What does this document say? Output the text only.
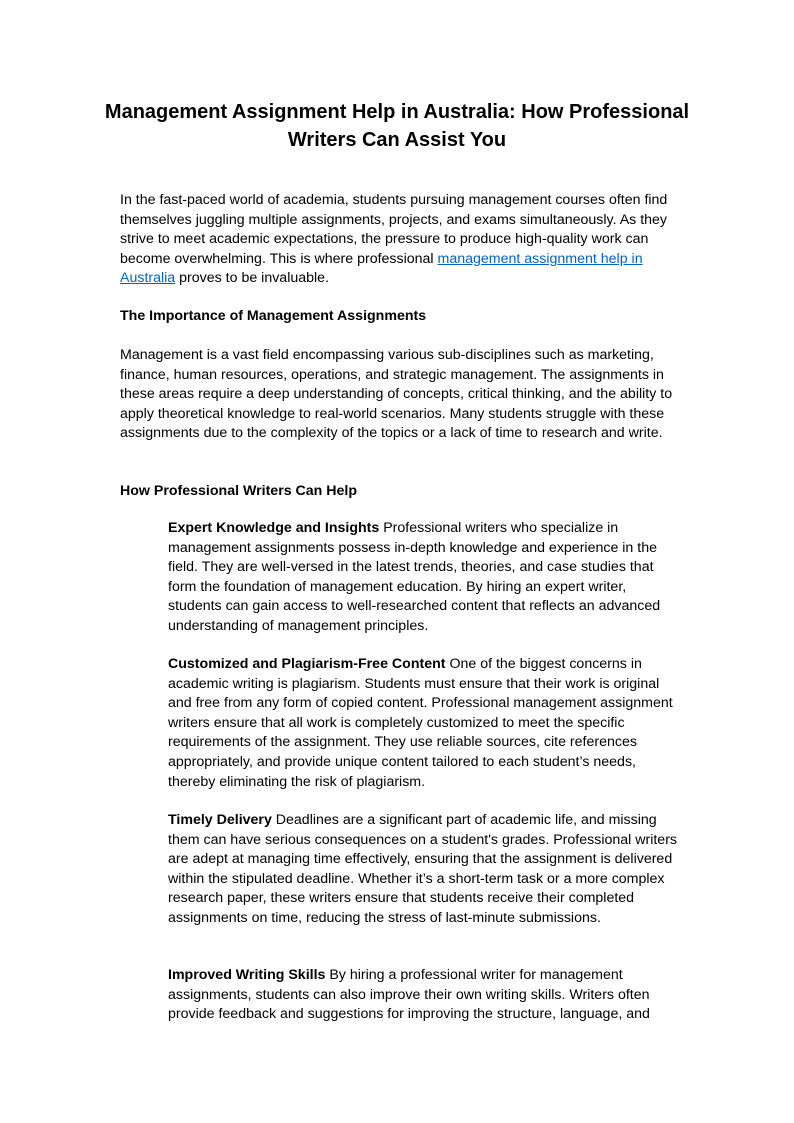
Management Assignment Help in Australia: How Professional Writers Can Assist You

In the fast-paced world of academia, students pursuing management courses often find themselves juggling multiple assignments, projects, and exams simultaneously. As they strive to meet academic expectations, the pressure to produce high-quality work can become overwhelming. This is where professional management assignment help in Australia proves to be invaluable.

The Importance of Management Assignments

Management is a vast field encompassing various sub-disciplines such as marketing, finance, human resources, operations, and strategic management. The assignments in these areas require a deep understanding of concepts, critical thinking, and the ability to apply theoretical knowledge to real-world scenarios. Many students struggle with these assignments due to the complexity of the topics or a lack of time to research and write.

How Professional Writers Can Help

Expert Knowledge and Insights Professional writers who specialize in management assignments possess in-depth knowledge and experience in the field. They are well-versed in the latest trends, theories, and case studies that form the foundation of management education. By hiring an expert writer, students can gain access to well-researched content that reflects an advanced understanding of management principles.

Customized and Plagiarism-Free Content One of the biggest concerns in academic writing is plagiarism. Students must ensure that their work is original and free from any form of copied content. Professional management assignment writers ensure that all work is completely customized to meet the specific requirements of the assignment. They use reliable sources, cite references appropriately, and provide unique content tailored to each student’s needs, thereby eliminating the risk of plagiarism.

Timely Delivery Deadlines are a significant part of academic life, and missing them can have serious consequences on a student's grades. Professional writers are adept at managing time effectively, ensuring that the assignment is delivered within the stipulated deadline. Whether it’s a short-term task or a more complex research paper, these writers ensure that students receive their completed assignments on time, reducing the stress of last-minute submissions.

Improved Writing Skills By hiring a professional writer for management assignments, students can also improve their own writing skills. Writers often provide feedback and suggestions for improving the structure, language, and
